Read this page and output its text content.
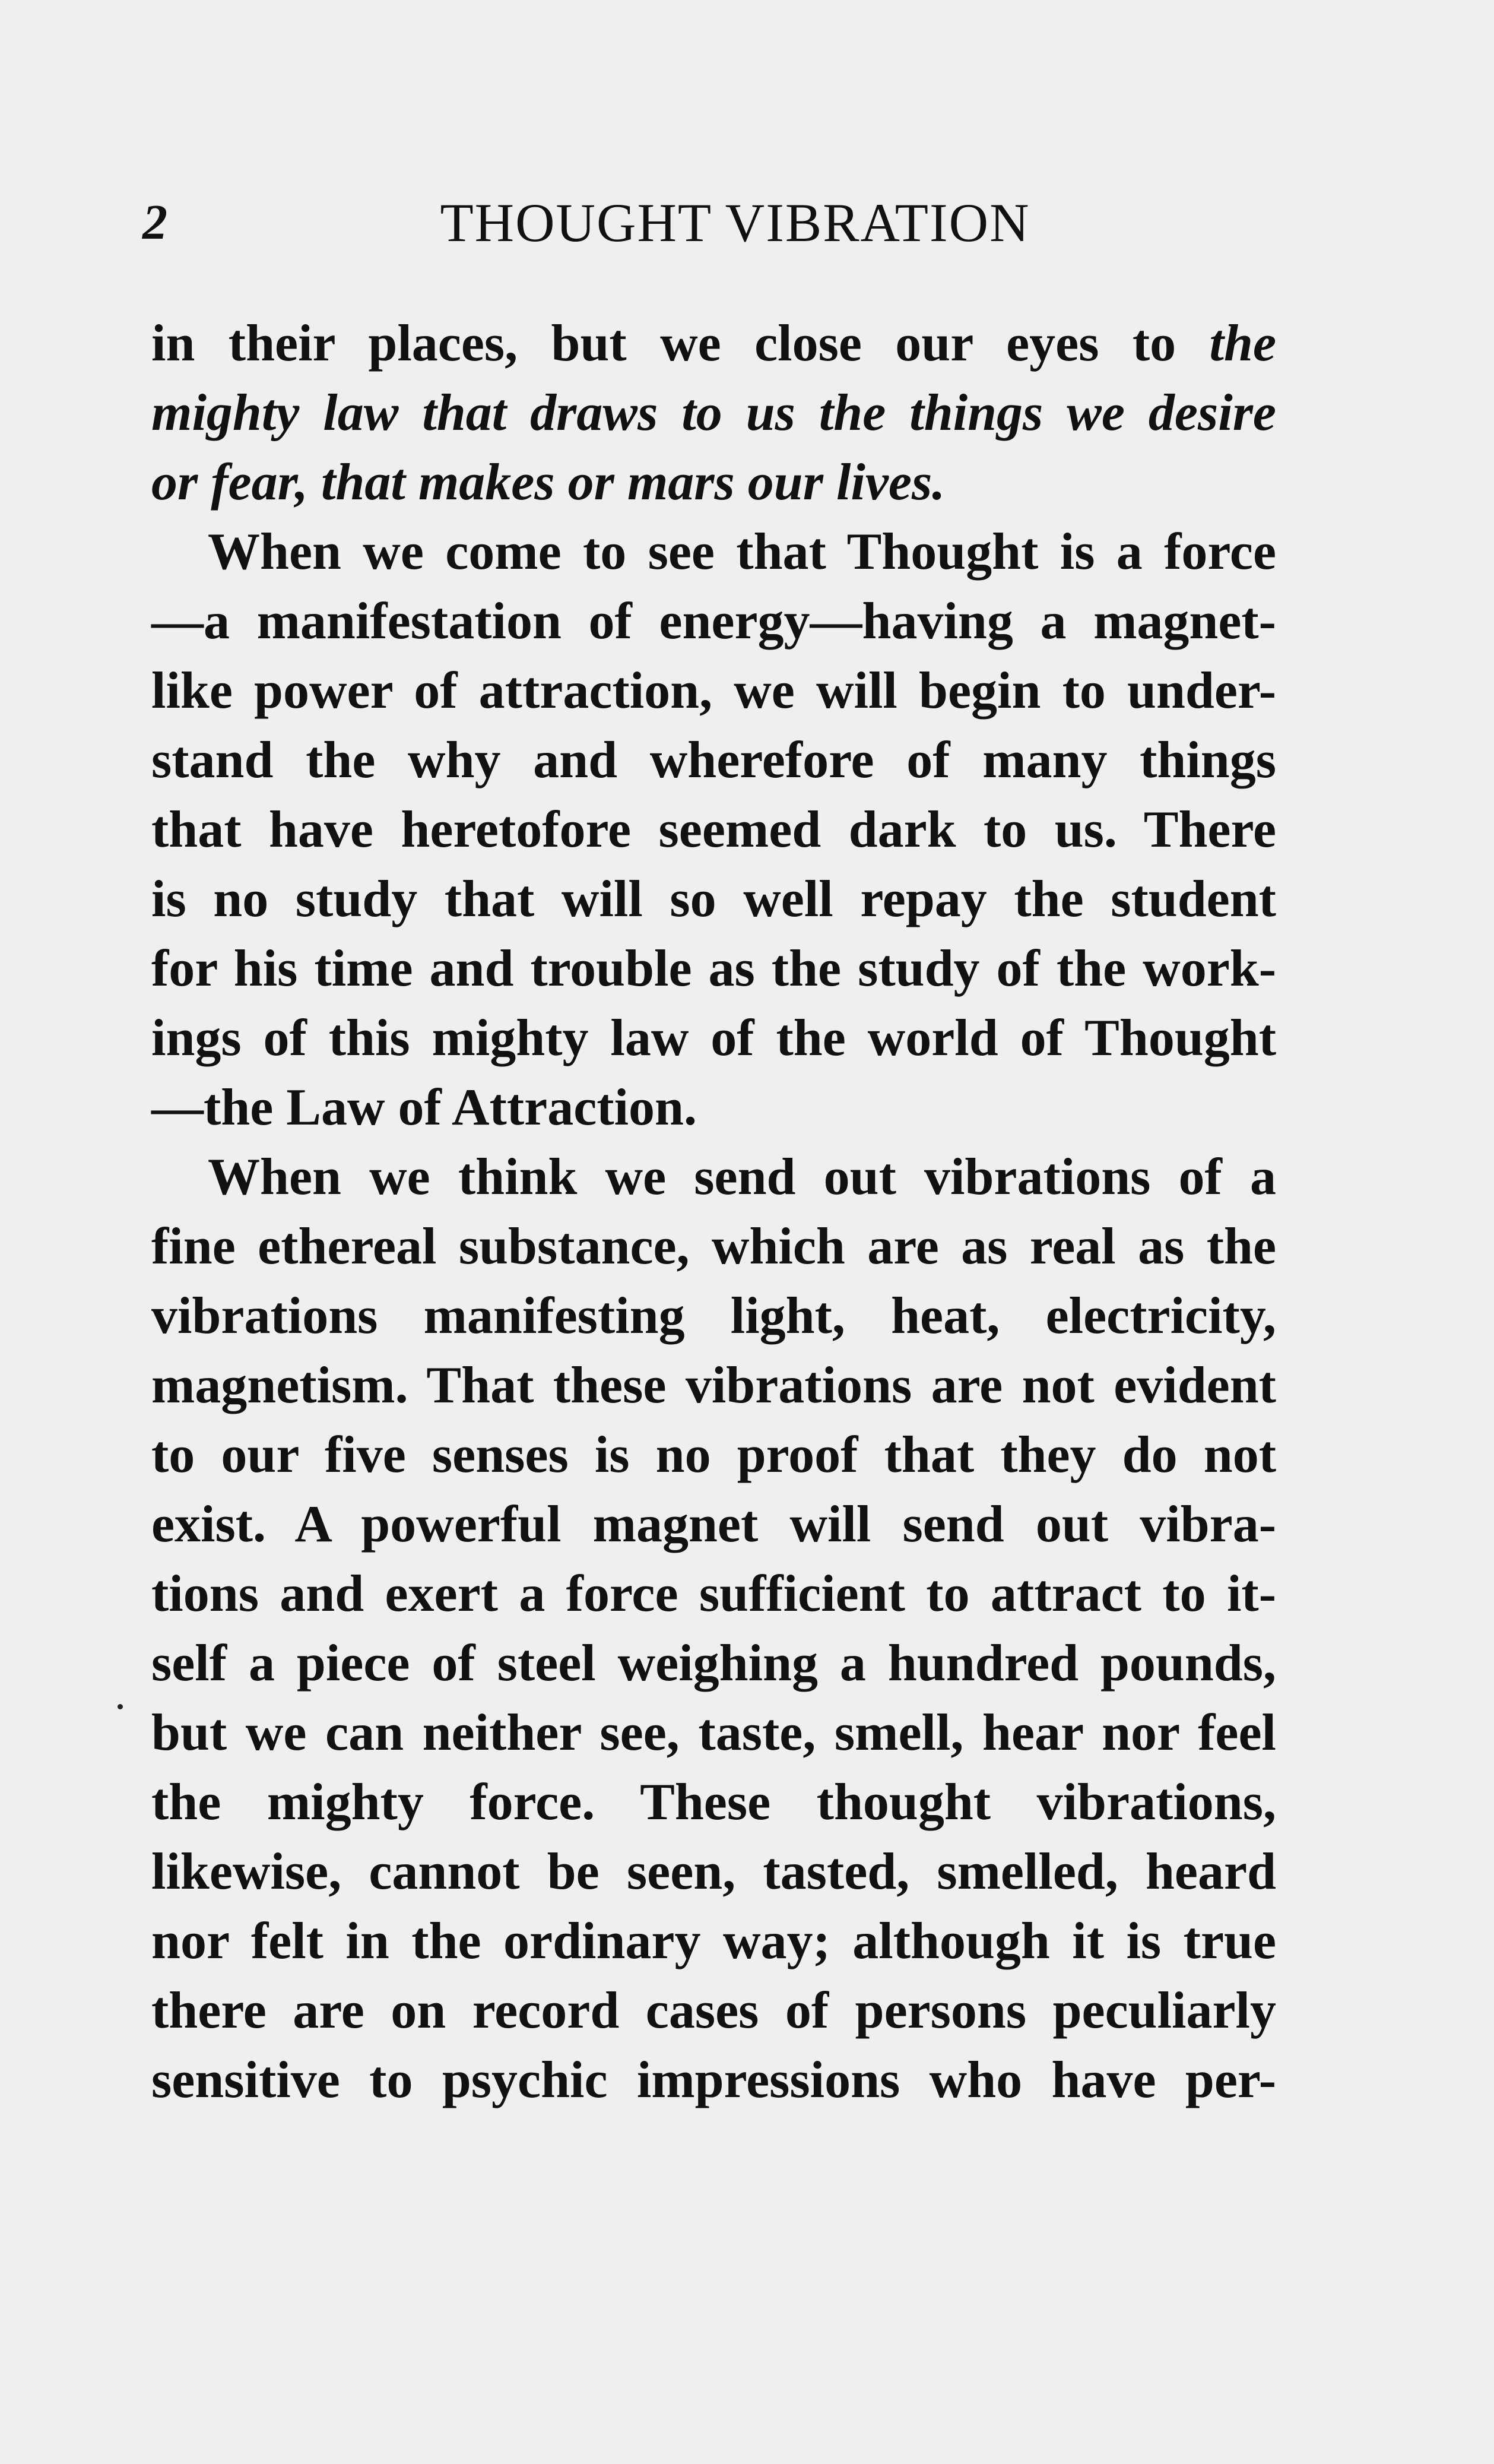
2	THOUGHT VIBRATION
in their places, but we close our eyes to the
mighty law that draws to us the things we desire
or fear, that makes or mars our lives.
When we come to see that Thought is a force
—a manifestation of energy—having a magnet-
like power of attraction, we will begin to under-
stand the why and wherefore of many things
that have heretofore seemed dark to us. There
is no study that will so well repay the student
for his time and trouble as the study of the work-
ings of this mighty law of the world of Thought
—the Law of Attraction.
When we think we send out vibrations of a
fine ethereal substance, which are as real as the
vibrations manifesting light, heat, electricity,
magnetism. That these vibrations are not evident
to our five senses is no proof that they do not
exist. A powerful magnet will send out vibra-
tions and exert a force sufficient to attract to it-
self a piece of steel weighing a hundred pounds,
but we can neither see, taste, smell, hear nor feel
the mighty force. These thought vibrations,
likewise, cannot be seen, tasted, smelled, heard
nor felt in the ordinary way; although it is true
there are on record cases of persons peculiarly
sensitive to psychic impressions who have per-
